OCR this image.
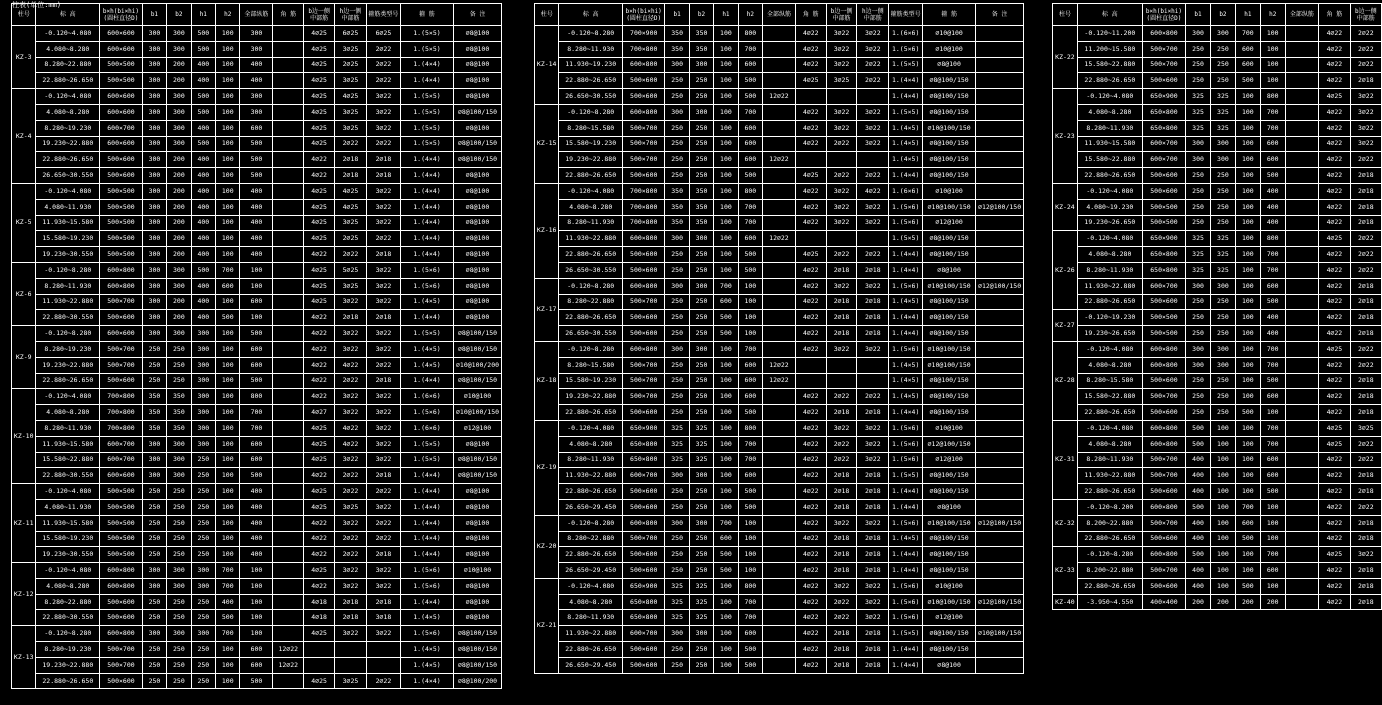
柱表(单位:mm)
柱号	标 高	b×h(bi×hi)
(圆柱直径D)	b1	b2	h1	h2	全部纵筋	角 筋	b边一侧
中部筋	h边一侧
中部筋	箍筋类型号	箍 筋	备 注
KZ-3	-0.120~4.080	600×600	300	300	500	100	300		4⌀25	6⌀25	6⌀25	1.(5×5)	⌀8@100
	4.080~8.280	600×600	300	300	500	100	300		4⌀25	3⌀25	2⌀22	1.(5×5)	⌀8@100
	8.280~22.880	500×500	300	200	400	100	400		4⌀25	2⌀25	2⌀22	1.(4×4)	⌀8@100
	22.880~26.650	500×500	300	200	400	100	400		4⌀25	3⌀25	2⌀22	1.(4×4)	⌀8@100
KZ-4	-0.120~4.080	600×600	300	300	500	100	300		4⌀25	4⌀25	3⌀22	1.(5×5)	⌀8@100
	4.080~8.280	600×600	300	300	500	100	300		4⌀25	3⌀25	3⌀22	1.(5×5)	⌀8@100/150
	8.280~19.230	600×700	300	300	400	100	600		4⌀25	3⌀25	3⌀22	1.(5×5)	⌀8@100
	19.230~22.880	600×600	300	300	500	100	500		4⌀25	2⌀22	2⌀22	1.(5×5)	⌀8@100/150
	22.880~26.650	500×600	300	200	400	100	500		4⌀22	2⌀18	2⌀18	1.(4×4)	⌀8@100/150
	26.650~30.550	500×600	300	200	400	100	500		4⌀22	2⌀18	2⌀18	1.(4×4)	⌀8@100
KZ-5	-0.120~4.080	500×500	300	200	400	100	400		4⌀25	4⌀25	3⌀22	1.(4×4)	⌀8@100
	4.080~11.930	500×500	300	200	400	100	400		4⌀25	4⌀25	3⌀22	1.(4×4)	⌀8@100
	11.930~15.580	500×500	300	200	400	100	400		4⌀25	3⌀25	3⌀22	1.(4×4)	⌀8@100
	15.580~19.230	500×500	300	200	400	100	400		4⌀25	2⌀25	2⌀22	1.(4×4)	⌀8@100
	19.230~30.550	500×500	300	200	400	100	400		4⌀22	2⌀22	2⌀18	1.(4×4)	⌀8@100
KZ-6	-0.120~8.280	600×800	300	300	500	700	100		4⌀25	5⌀25	3⌀22	1.(5×6)	⌀8@100
	8.280~11.930	600×800	300	300	400	600	100		4⌀25	3⌀25	3⌀22	1.(5×6)	⌀8@100
	11.930~22.880	500×700	300	200	400	100	600		4⌀25	3⌀22	3⌀22	1.(4×5)	⌀8@100
	22.880~30.550	500×600	300	200	400	500	100		4⌀22	2⌀18	2⌀18	1.(4×4)	⌀8@100
KZ-9	-0.120~8.280	600×600	300	300	300	100	500		4⌀22	3⌀22	3⌀22	1.(5×5)	⌀8@100/150
	8.280~19.230	500×700	250	250	300	100	600		4⌀22	3⌀22	3⌀22	1.(4×5)	⌀8@100/150
	19.230~22.880	500×700	250	250	300	100	600		4⌀22	4⌀22	2⌀22	1.(4×5)	⌀10@100/200
	22.880~26.650	500×600	250	250	300	100	500		4⌀22	2⌀22	2⌀18	1.(4×4)	⌀8@100/150
KZ-10	-0.120~4.080	700×800	350	350	300	100	800		4⌀22	3⌀22	3⌀22	1.(6×6)	⌀10@100
	4.080~8.280	700×800	350	350	300	100	700		4⌀27	3⌀22	3⌀22	1.(5×6)	⌀10@100/150
	8.280~11.930	700×800	350	350	300	100	700		4⌀25	4⌀22	3⌀22	1.(6×6)	⌀12@100
	11.930~15.580	600×700	300	300	300	100	600		4⌀25	4⌀22	3⌀22	1.(5×5)	⌀8@100
	15.580~22.880	600×700	300	300	250	100	600		4⌀25	3⌀22	3⌀22	1.(5×5)	⌀8@100/150
	22.880~30.550	600×600	300	300	250	100	500		4⌀22	2⌀22	2⌀18	1.(4×4)	⌀8@100/150
KZ-11	-0.120~4.080	500×500	250	250	250	100	400		4⌀25	2⌀22	2⌀22	1.(4×4)	⌀8@100
	4.080~11.930	500×500	250	250	250	100	400		4⌀25	3⌀25	3⌀22	1.(4×4)	⌀8@100
	11.930~15.580	500×500	250	250	250	100	400		4⌀22	3⌀22	2⌀22	1.(4×4)	⌀8@100
	15.580~19.230	500×500	250	250	250	100	400		4⌀22	2⌀22	2⌀22	1.(4×4)	⌀8@100
	19.230~30.550	500×500	250	250	250	100	400		4⌀22	2⌀22	2⌀18	1.(4×4)	⌀8@100
KZ-12	-0.120~4.080	600×800	300	300	300	700	100		4⌀25	3⌀22	3⌀22	1.(5×6)	⌀10@100
	4.080~8.280	600×800	300	300	300	700	100		4⌀22	3⌀22	3⌀22	1.(5×6)	⌀8@100
	8.280~22.880	500×600	250	250	250	400	100		4⌀18	2⌀18	2⌀18	1.(4×4)	⌀8@100
	22.880~30.550	500×600	250	250	250	500	100		4⌀18	2⌀18	3⌀18	1.(4×5)	⌀8@100
KZ-13	-0.120~8.280	600×800	300	300	300	700	100		4⌀25	3⌀22	3⌀22	1.(5×6)	⌀8@100/150
	8.280~19.230	500×700	250	250	250	100	600	12⌀22				1.(4×5)	⌀8@100/150
	19.230~22.880	500×700	250	250	250	100	600	12⌀22				1.(4×5)	⌀8@100/150
	22.880~26.650	500×600	250	250	250	100	500		4⌀25	3⌀25	2⌀22	1.(4×4)	⌀8@100/200
柱号	标 高	b×h(bi×hi)
(圆柱直径D)	b1	b2	h1	h2	全部纵筋	角 筋	b边一侧
中部筋	h边一侧
中部筋	箍筋类型号	箍 筋	备 注
KZ-14	-0.120~8.280	700×900	350	350	100	800		4⌀22	3⌀22	3⌀22	1.(6×6)	⌀10@100	
	8.280~11.930	700×800	350	350	100	700		4⌀22	3⌀22	3⌀22	1.(5×6)	⌀10@100	
	11.930~19.230	600×800	300	300	100	600		4⌀22	3⌀22	2⌀22	1.(5×5)	⌀8@100	
	22.880~26.650	500×600	250	250	100	500		4⌀25	3⌀25	2⌀22	1.(4×4)	⌀8@100/150	
	26.650~30.550	500×600	250	250	100	500	12⌀22				1.(4×4)	⌀8@100/150	
KZ-15	-0.120~8.280	600×800	300	300	100	700		4⌀22	3⌀22	3⌀22	1.(5×5)	⌀8@100/150	
	8.280~15.580	500×700	250	250	100	600		4⌀22	3⌀22	3⌀22	1.(4×5)	⌀10@100/150	
	15.580~19.230	500×700	250	250	100	600		4⌀22	2⌀22	3⌀22	1.(4×5)	⌀8@100/150	
	19.230~22.880	500×700	250	250	100	600	12⌀22				1.(4×5)	⌀8@100/150	
	22.880~26.650	500×600	250	250	100	500		4⌀25	2⌀22	2⌀22	1.(4×4)	⌀8@100/150	
KZ-16	-0.120~4.080	700×800	350	350	100	800		4⌀22	3⌀22	4⌀22	1.(6×6)	⌀10@100	
	4.080~8.280	700×800	350	350	100	700		4⌀22	3⌀22	3⌀22	1.(5×6)	⌀10@100/150	⌀12@100/150
	8.280~11.930	700×800	350	350	100	700		4⌀22	3⌀22	3⌀22	1.(5×6)	⌀12@100	
	11.930~22.880	600×800	300	300	100	600	12⌀22				1.(5×5)	⌀8@100/150	
	22.880~26.650	500×600	250	250	100	500		4⌀25	2⌀22	2⌀22	1.(4×4)	⌀8@100/150	
	26.650~30.550	500×600	250	250	100	500		4⌀22	2⌀18	2⌀18	1.(4×4)	⌀8@100	
KZ-17	-0.120~8.280	600×800	300	300	700	100		4⌀22	3⌀22	3⌀22	1.(5×6)	⌀10@100/150	⌀12@100/150
	8.280~22.880	500×700	250	250	600	100		4⌀22	2⌀18	2⌀18	1.(4×5)	⌀8@100/150	
	22.880~26.650	500×600	250	250	500	100		4⌀22	2⌀18	2⌀18	1.(4×4)	⌀8@100/150	
	26.650~30.550	500×600	250	250	500	100		4⌀22	2⌀18	2⌀18	1.(4×4)	⌀8@100/150	
KZ-18	-0.120~8.280	600×800	300	300	100	700		4⌀22	3⌀22	3⌀22	1.(5×6)	⌀10@100/150	
	8.280~15.580	500×700	250	250	100	600	12⌀22				1.(4×5)	⌀10@100/150	
	15.580~19.230	500×700	250	250	100	600	12⌀22				1.(4×5)	⌀8@100/150	
	19.230~22.880	500×700	250	250	100	600		4⌀22	2⌀22	2⌀22	1.(4×5)	⌀8@100/150	
	22.880~26.650	500×600	250	250	100	500		4⌀22	2⌀18	2⌀18	1.(4×4)	⌀8@100/150	
KZ-19	-0.120~4.080	650×900	325	325	100	800		4⌀22	3⌀22	3⌀22	1.(5×6)	⌀10@100	
	4.080~8.280	650×800	325	325	100	700		4⌀22	2⌀22	3⌀22	1.(5×6)	⌀12@100/150	
	8.280~11.930	650×800	325	325	100	700		4⌀22	2⌀22	3⌀22	1.(5×6)	⌀12@100	
	11.930~22.880	600×700	300	300	100	600		4⌀22	2⌀18	2⌀18	1.(5×5)	⌀8@100/150	
	22.880~26.650	500×600	250	250	100	500		4⌀22	2⌀18	2⌀18	1.(4×4)	⌀8@100/150	
	26.650~29.450	500×600	250	250	100	500		4⌀22	2⌀18	2⌀18	1.(4×4)	⌀8@100	
KZ-20	-0.120~8.280	600×800	300	300	700	100		4⌀22	3⌀22	3⌀22	1.(5×6)	⌀10@100/150	⌀12@100/150
	8.280~22.880	500×700	250	250	600	100		4⌀22	2⌀18	2⌀18	1.(4×5)	⌀8@100/150	
	22.880~26.650	500×600	250	250	500	100		4⌀22	2⌀18	2⌀18	1.(4×4)	⌀8@100/150	
	26.650~29.450	500×600	250	250	500	100		4⌀22	2⌀18	2⌀18	1.(4×4)	⌀8@100/150	
KZ-21	-0.120~4.080	650×900	325	325	100	800		4⌀22	3⌀22	3⌀22	1.(5×6)	⌀10@100	
	4.080~8.280	650×800	325	325	100	700		4⌀22	2⌀22	3⌀22	1.(5×6)	⌀10@100/150	⌀12@100/150
	8.280~11.930	650×800	325	325	100	700		4⌀22	2⌀22	3⌀22	1.(5×6)	⌀12@100	
	11.930~22.880	600×700	300	300	100	600		4⌀22	2⌀18	2⌀18	1.(5×5)	⌀8@100/150	⌀10@100/150
	22.880~26.650	500×600	250	250	100	500		4⌀22	2⌀18	2⌀18	1.(4×4)	⌀8@100/150	
	26.650~29.450	500×600	250	250	100	500		4⌀22	2⌀18	2⌀18	1.(4×4)	⌀8@100	
柱号	标 高	b×h(bi×hi)
(圆柱直径D)	b1	b2	h1	h2	全部纵筋	角 筋	b边一侧
中部筋
KZ-22	-0.120~11.200	600×800	300	300	700	100		4⌀22	2⌀22
	11.200~15.580	500×700	250	250	600	100		4⌀22	2⌀22
	15.580~22.880	500×700	250	250	600	100		4⌀22	2⌀22
	22.880~26.650	500×600	250	250	500	100		4⌀22	2⌀18
KZ-23	-0.120~4.080	650×900	325	325	100	800		4⌀25	3⌀22
	4.080~8.280	650×800	325	325	100	700		4⌀22	3⌀22
	8.280~11.930	650×800	325	325	100	700		4⌀22	3⌀22
	11.930~15.580	600×700	300	300	100	600		4⌀22	3⌀22
	15.580~22.880	600×700	300	300	100	600		4⌀22	2⌀22
	22.880~26.650	500×600	250	250	100	500		4⌀22	2⌀18
KZ-24	-0.120~4.080	500×600	250	250	100	400		4⌀22	2⌀18
	4.080~19.230	500×500	250	250	100	400		4⌀22	2⌀18
	19.230~26.650	500×500	250	250	100	400		4⌀22	2⌀18
KZ-26	-0.120~4.080	650×900	325	325	100	800		4⌀25	2⌀22
	4.080~8.280	650×800	325	325	100	700		4⌀22	2⌀22
	8.280~11.930	650×800	325	325	100	700		4⌀22	2⌀22
	11.930~22.880	600×700	300	300	100	600		4⌀22	2⌀18
	22.880~26.650	500×600	250	250	100	500		4⌀22	2⌀18
KZ-27	-0.120~19.230	500×500	250	250	100	400		4⌀22	2⌀18
	19.230~26.650	500×500	250	250	100	400		4⌀22	2⌀18
KZ-28	-0.120~4.080	600×800	300	300	100	700		4⌀25	2⌀22
	4.080~8.280	600×800	300	300	100	700		4⌀22	2⌀22
	8.280~15.580	500×600	250	250	100	500		4⌀22	2⌀18
	15.580~22.880	500×700	250	250	100	600		4⌀22	2⌀18
	22.880~26.650	500×600	250	250	500	100		4⌀22	2⌀18
KZ-31	-0.120~4.080	600×800	500	100	100	700		4⌀25	3⌀25
	4.080~8.280	600×800	500	100	100	700		4⌀25	2⌀22
	8.280~11.930	500×700	400	100	100	600		4⌀22	2⌀22
	11.930~22.880	500×700	400	100	100	600		4⌀22	2⌀18
	22.880~26.650	500×600	400	100	100	500		4⌀22	2⌀18
KZ-32	-0.120~8.200	600×800	500	100	700	100		4⌀22	2⌀22
	8.200~22.880	500×700	400	100	600	100		4⌀22	2⌀18
	22.880~26.650	500×600	400	100	500	100		4⌀22	2⌀18
KZ-33	-0.120~8.280	600×800	500	100	100	700		4⌀25	3⌀22
	8.200~22.880	500×700	400	100	100	600		4⌀22	2⌀18
	22.880~26.650	500×600	400	100	500	100		4⌀22	2⌀18
KZ-40	-3.950~4.550	400×400	200	200	200	200		4⌀22	2⌀18
